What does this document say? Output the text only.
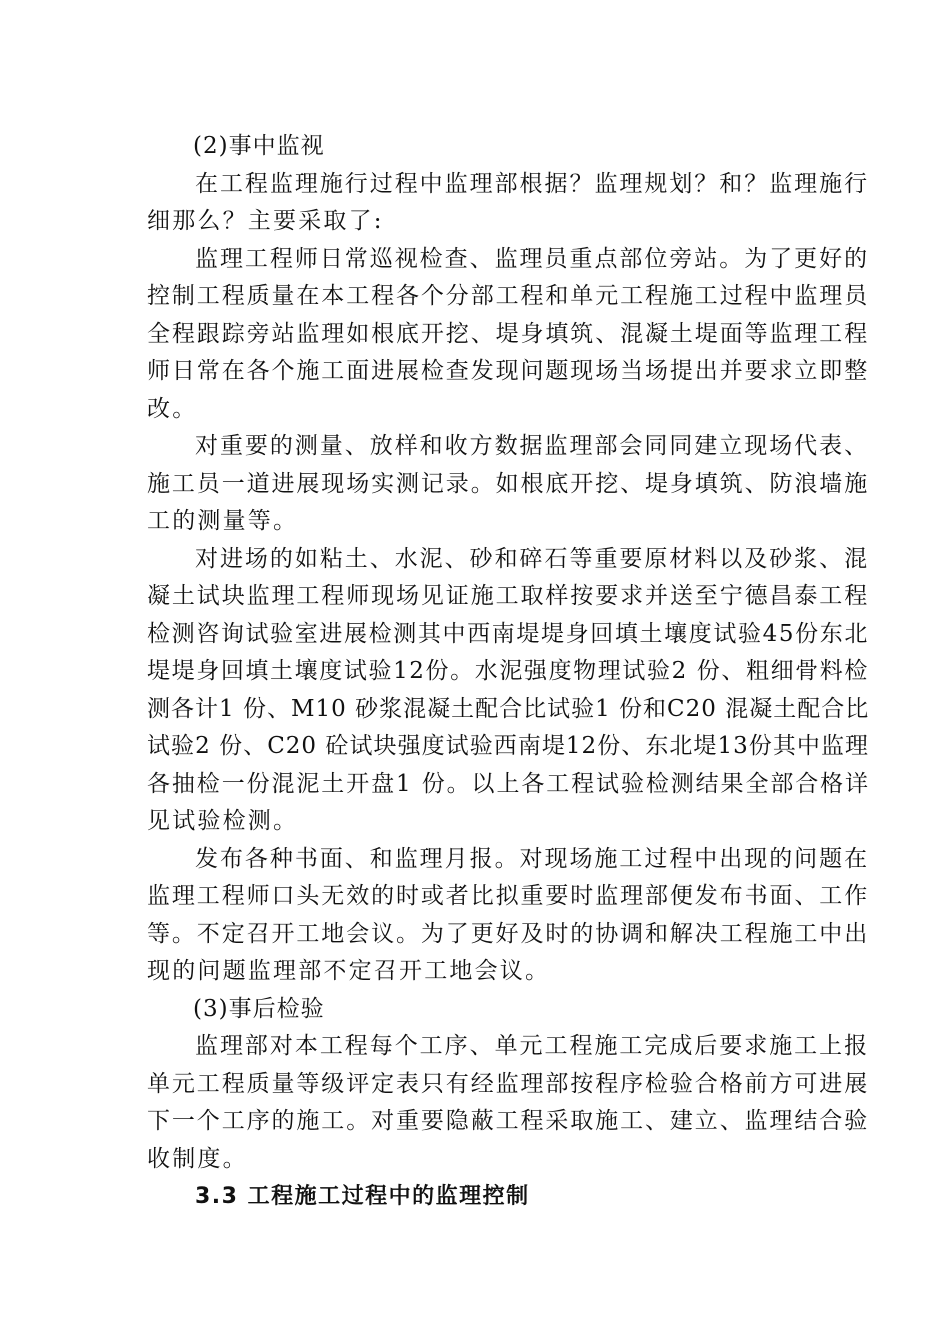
(2)事中监视
在工程监理施行过程中监理部根据？监理规划？和？监理施行
细那么？主要采取了:
监理工程师日常巡视检查、监理员重点部位旁站。为了更好的
控制工程质量在本工程各个分部工程和单元工程施工过程中监理员
全程跟踪旁站监理如根底开挖、堤身填筑、混凝土堤面等监理工程
师日常在各个施工面进展检查发现问题现场当场提出并要求立即整
改。
对重要的测量、放样和收方数据监理部会同同建立现场代表、
施工员一道进展现场实测记录。如根底开挖、堤身填筑、防浪墙施
工的测量等。
对进场的如粘土、水泥、砂和碎石等重要原材料以及砂浆、混
凝土试块监理工程师现场见证施工取样按要求并送至宁德昌泰工程
检测咨询试验室进展检测其中西南堤堤身回填土壤度试验45份东北
堤堤身回填土壤度试验12份。水泥强度物理试验2 份、粗细骨料检
测各计1 份、M10 砂浆混凝土配合比试验1 份和C20 混凝土配合比
试验2 份、C20 砼试块强度试验西南堤12份、东北堤13份其中监理
各抽检一份混泥土开盘1 份。以上各工程试验检测结果全部合格详
见试验检测。
发布各种书面、和监理月报。对现场施工过程中出现的问题在
监理工程师口头无效的时或者比拟重要时监理部便发布书面、工作
等。不定召开工地会议。为了更好及时的协调和解决工程施工中出
现的问题监理部不定召开工地会议。
(3)事后检验
监理部对本工程每个工序、单元工程施工完成后要求施工上报
单元工程质量等级评定表只有经监理部按程序检验合格前方可进展
下一个工序的施工。对重要隐蔽工程采取施工、建立、监理结合验
收制度。
3.3 工程施工过程中的监理控制
